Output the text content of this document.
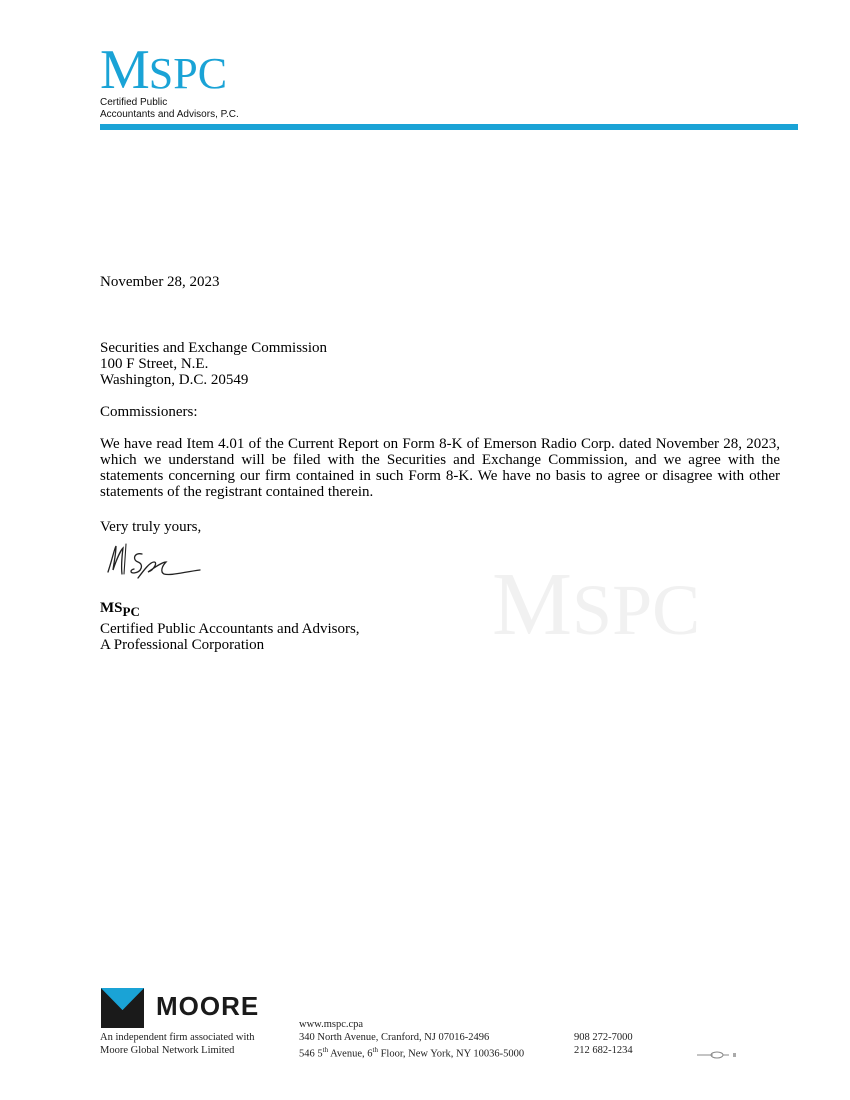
MSPC
Certified Public
Accountants and Advisors, P.C.
November 28, 2023
Securities and Exchange Commission
100 F Street, N.E.
Washington, D.C. 20549
Commissioners:
We have read Item 4.01 of the Current Report on Form 8-K of Emerson Radio Corp. dated November 28, 2023, which we understand will be filed with the Securities and Exchange Commission, and we agree with the statements concerning our firm contained in such Form 8-K. We have no basis to agree or disagree with other statements of the registrant contained therein.
Very truly yours,
MSPC
Certified Public Accountants and Advisors,
A Professional Corporation	MSPC
MOORE
An independent firm associated with
Moore Global Network Limited
www.mspc.cpa
340 North Avenue, Cranford, NJ 07016-2496
546 5th Avenue, 6th Floor, New York, NY 10036-5000
908 272-7000
212 682-1234
